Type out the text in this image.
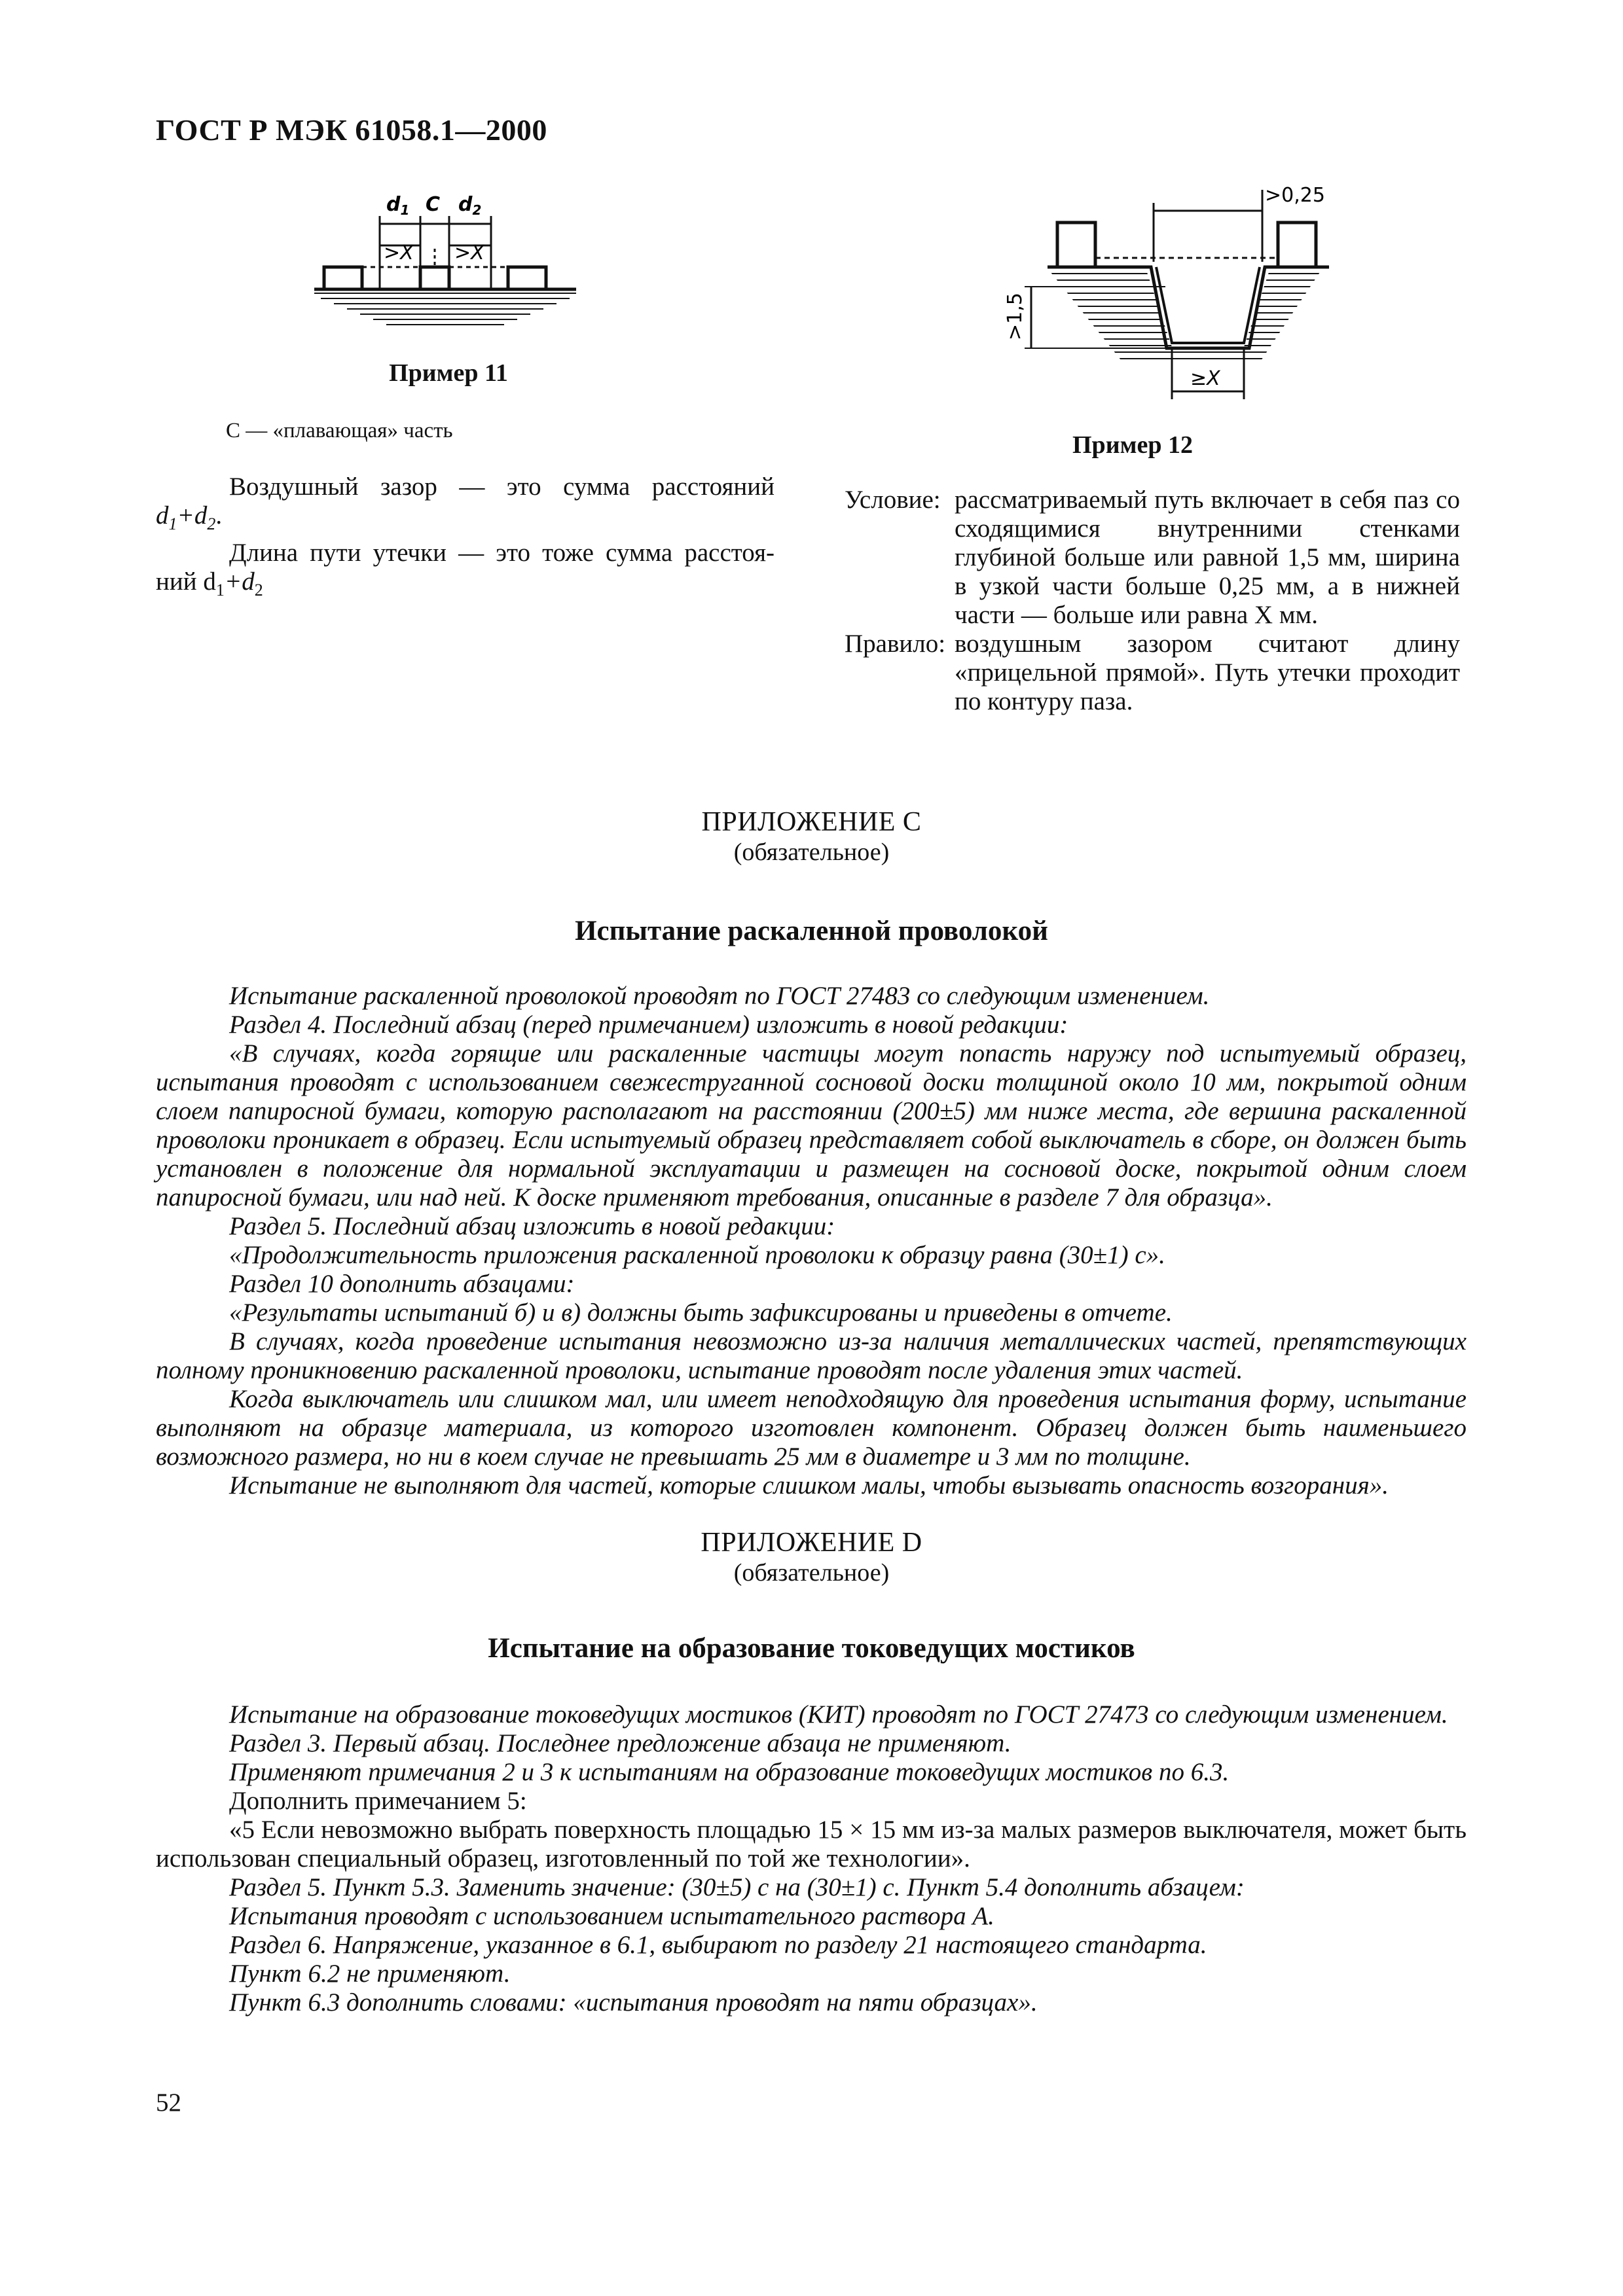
ГОСТ Р МЭК 61058.1—2000
$d_1$ C $d_2$
>X >X
Пример 11
C — «плавающая» часть
Воздушный зазор — это сумма расстояний
$d_1+d_2$.
Длина пути утечки — это тоже сумма расстоя-
ний $d_1+d_2$
>0,25
>1,5
≥X
Пример 12
Условие: рассматриваемый путь включает в себя паз со сходящимися внутренними стенками глубиной больше или равной 1,5 мм, ширина в узкой части больше 0,25 мм, а в нижней части — больше или равна X мм.
Правило: воздушным зазором считают длину «прицельной прямой». Путь утечки проходит по контуру паза.
ПРИЛОЖЕНИЕ C
(обязательное)
Испытание раскаленной проволокой
Испытание раскаленной проволокой проводят по ГОСТ 27483 со следующим изменением.
Раздел 4. Последний абзац (перед примечанием) изложить в новой редакции:
«В случаях, когда горящие или раскаленные частицы могут попасть наружу под испытуемый образец, испытания проводят с использованием свежеструганной сосновой доски толщиной около 10 мм, покрытой одним слоем папиросной бумаги, которую располагают на расстоянии (200±5) мм ниже места, где вершина раскаленной проволоки проникает в образец. Если испытуемый образец представляет собой выключатель в сборе, он должен быть установлен в положение для нормальной эксплуатации и размещен на сосновой доске, покрытой одним слоем папиросной бумаги, или над ней. К доске применяют требования, описанные в разделе 7 для образца».
Раздел 5. Последний абзац изложить в новой редакции:
«Продолжительность приложения раскаленной проволоки к образцу равна (30±1) с».
Раздел 10 дополнить абзацами:
«Результаты испытаний б) и в) должны быть зафиксированы и приведены в отчете.
В случаях, когда проведение испытания невозможно из-за наличия металлических частей, препятствующих полному проникновению раскаленной проволоки, испытание проводят после удаления этих частей.
Когда выключатель или слишком мал, или имеет неподходящую для проведения испытания форму, испытание выполняют на образце материала, из которого изготовлен компонент. Образец должен быть наименьшего возможного размера, но ни в коем случае не превышать 25 мм в диаметре и 3 мм по толщине.
Испытание не выполняют для частей, которые слишком малы, чтобы вызывать опасность возгорания».
ПРИЛОЖЕНИЕ D
(обязательное)
Испытание на образование токоведущих мостиков
Испытание на образование токоведущих мостиков (КИТ) проводят по ГОСТ 27473 со следующим изменением.
Раздел 3. Первый абзац. Последнее предложение абзаца не применяют.
Применяют примечания 2 и 3 к испытаниям на образование токоведущих мостиков по 6.3.
Дополнить примечанием 5:
«5 Если невозможно выбрать поверхность площадью 15 × 15 мм из-за малых размеров выключателя, может быть использован специальный образец, изготовленный по той же технологии».
Раздел 5. Пункт 5.3. Заменить значение: (30±5) с на (30±1) с. Пункт 5.4 дополнить абзацем:
Испытания проводят с использованием испытательного раствора A.
Раздел 6. Напряжение, указанное в 6.1, выбирают по разделу 21 настоящего стандарта.
Пункт 6.2 не применяют.
Пункт 6.3 дополнить словами: «испытания проводят на пяти образцах».
52
